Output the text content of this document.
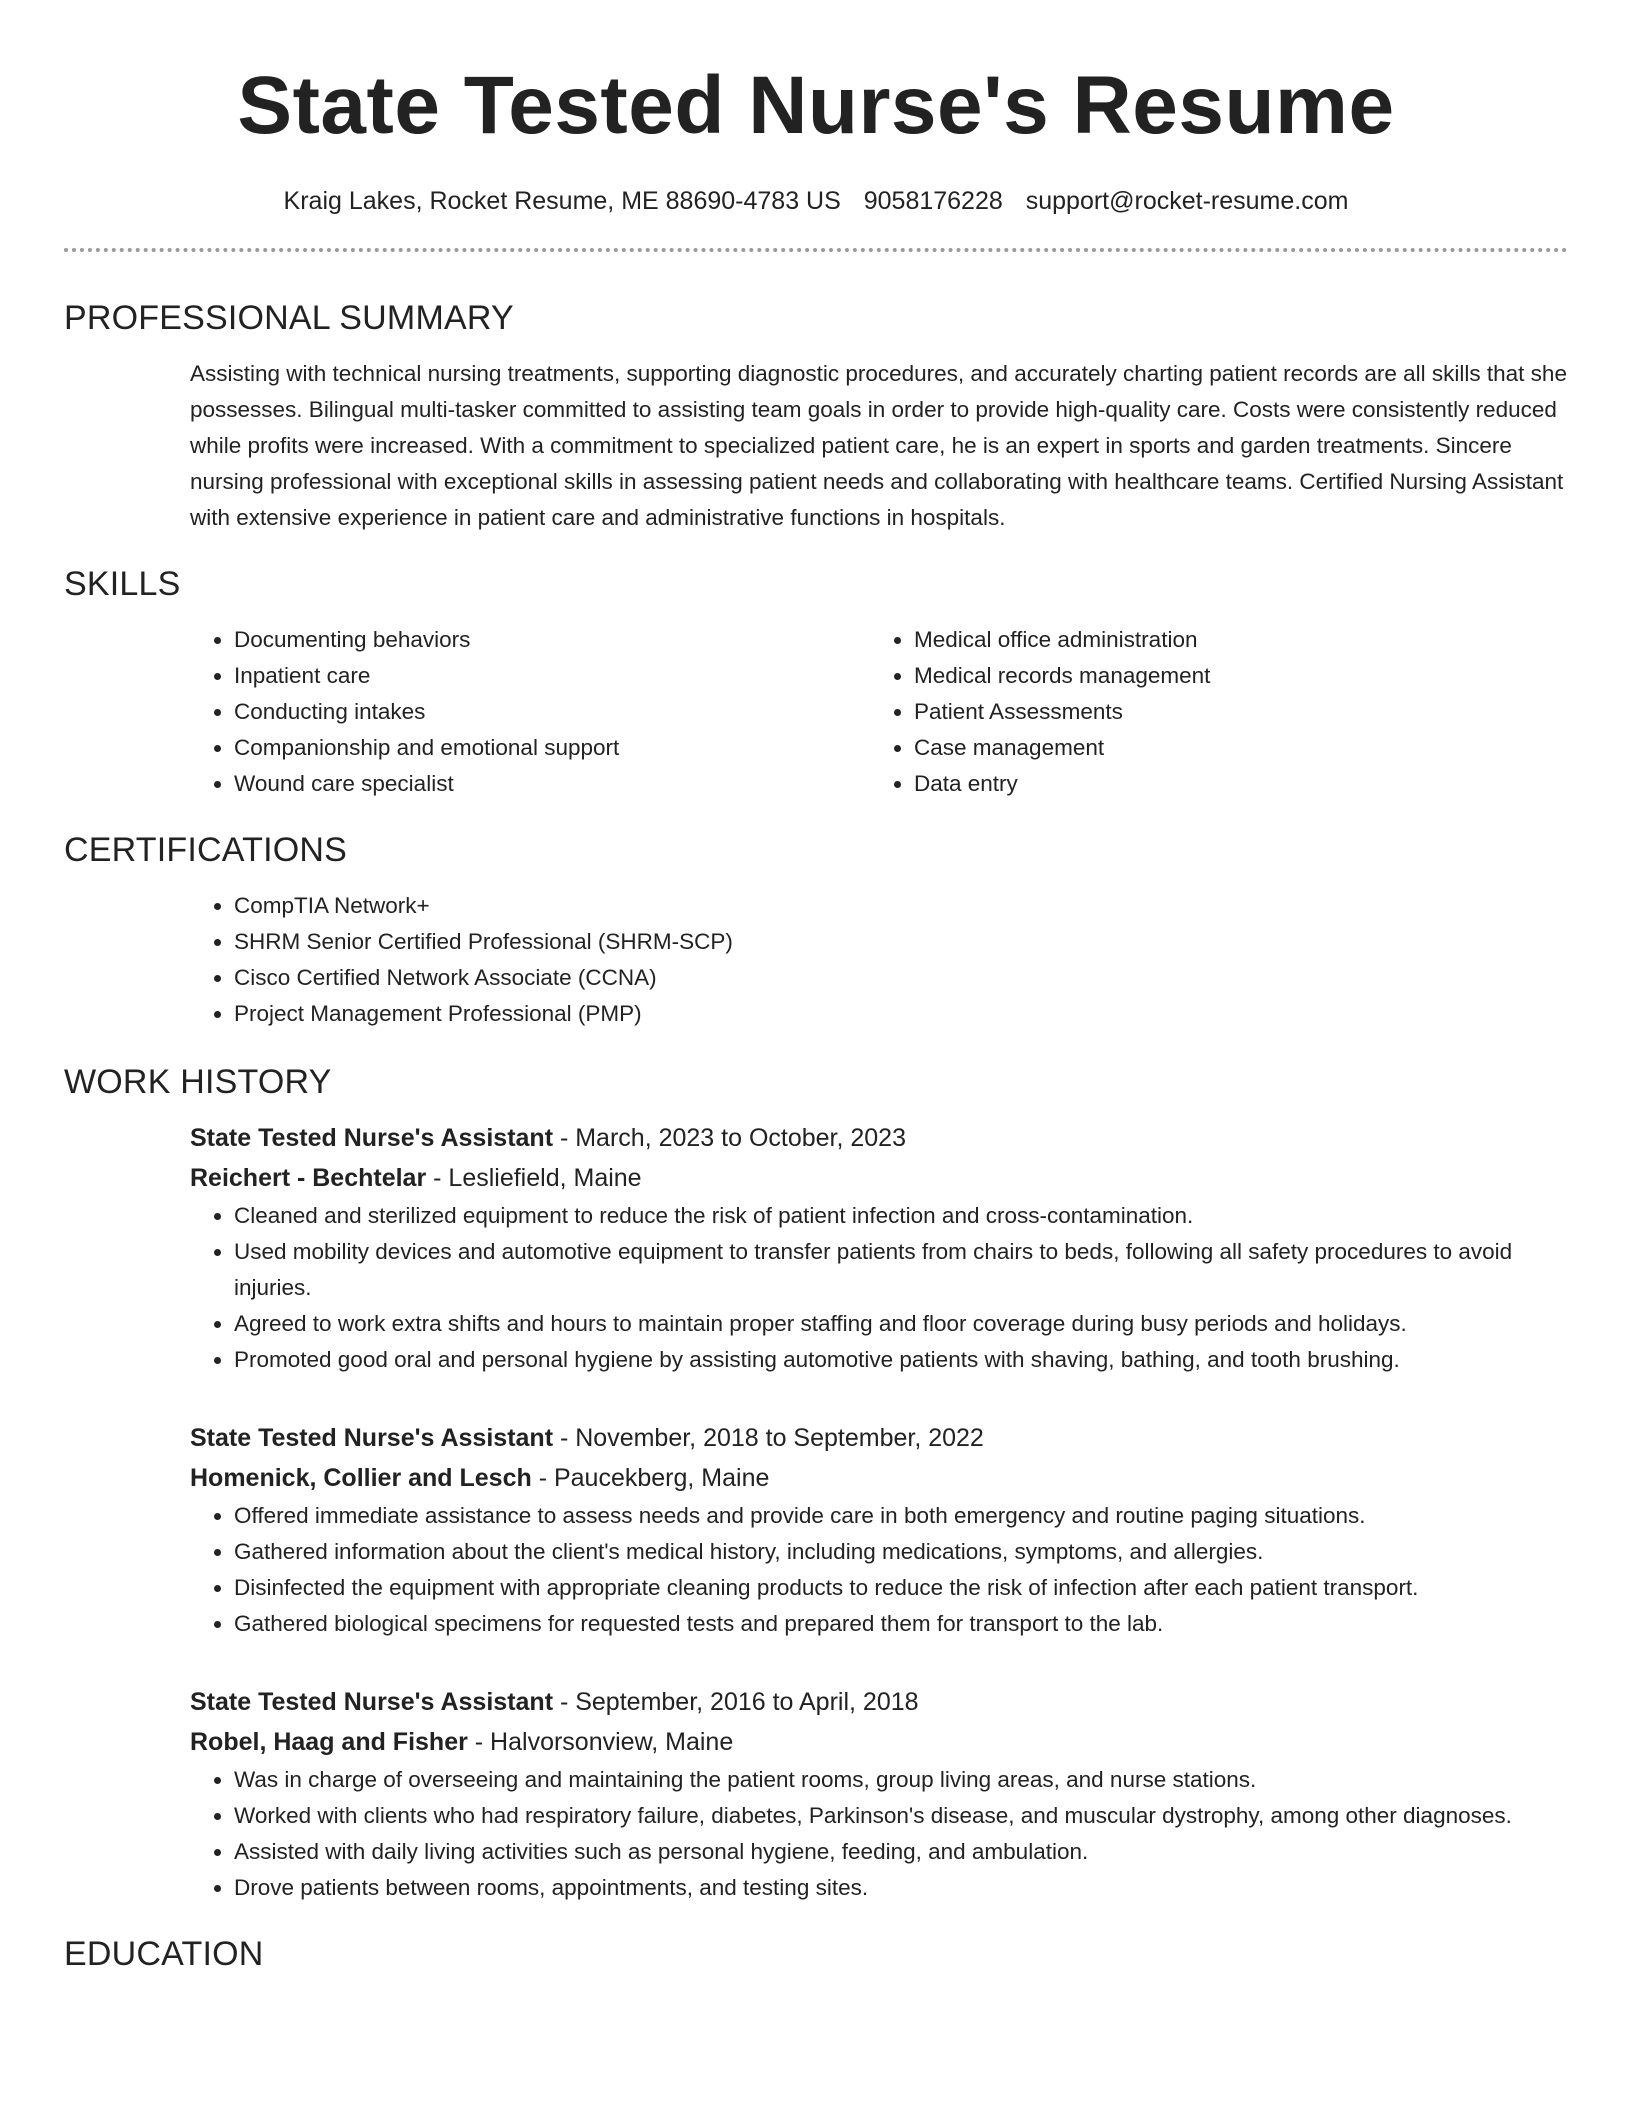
State Tested Nurse's Resume
Kraig Lakes, Rocket Resume, ME 88690-4783 US 9058176228 support@rocket-resume.com
PROFESSIONAL SUMMARY
Assisting with technical nursing treatments, supporting diagnostic procedures, and accurately charting patient records are all skills that she possesses. Bilingual multi-tasker committed to assisting team goals in order to provide high-quality care. Costs were consistently reduced while profits were increased. With a commitment to specialized patient care, he is an expert in sports and garden treatments. Sincere nursing professional with exceptional skills in assessing patient needs and collaborating with healthcare teams. Certified Nursing Assistant with extensive experience in patient care and administrative functions in hospitals.
SKILLS
• Documenting behaviors
• Inpatient care
• Conducting intakes
• Companionship and emotional support
• Wound care specialist
• Medical office administration
• Medical records management
• Patient Assessments
• Case management
• Data entry
CERTIFICATIONS
• CompTIA Network+
• SHRM Senior Certified Professional (SHRM-SCP)
• Cisco Certified Network Associate (CCNA)
• Project Management Professional (PMP)
WORK HISTORY
State Tested Nurse's Assistant - March, 2023 to October, 2023
Reichert - Bechtelar - Lesliefield, Maine
• Cleaned and sterilized equipment to reduce the risk of patient infection and cross-contamination.
• Used mobility devices and automotive equipment to transfer patients from chairs to beds, following all safety procedures to avoid injuries.
• Agreed to work extra shifts and hours to maintain proper staffing and floor coverage during busy periods and holidays.
• Promoted good oral and personal hygiene by assisting automotive patients with shaving, bathing, and tooth brushing.
State Tested Nurse's Assistant - November, 2018 to September, 2022
Homenick, Collier and Lesch - Paucekberg, Maine
• Offered immediate assistance to assess needs and provide care in both emergency and routine paging situations.
• Gathered information about the client's medical history, including medications, symptoms, and allergies.
• Disinfected the equipment with appropriate cleaning products to reduce the risk of infection after each patient transport.
• Gathered biological specimens for requested tests and prepared them for transport to the lab.
State Tested Nurse's Assistant - September, 2016 to April, 2018
Robel, Haag and Fisher - Halvorsonview, Maine
• Was in charge of overseeing and maintaining the patient rooms, group living areas, and nurse stations.
• Worked with clients who had respiratory failure, diabetes, Parkinson's disease, and muscular dystrophy, among other diagnoses.
• Assisted with daily living activities such as personal hygiene, feeding, and ambulation.
• Drove patients between rooms, appointments, and testing sites.
EDUCATION
